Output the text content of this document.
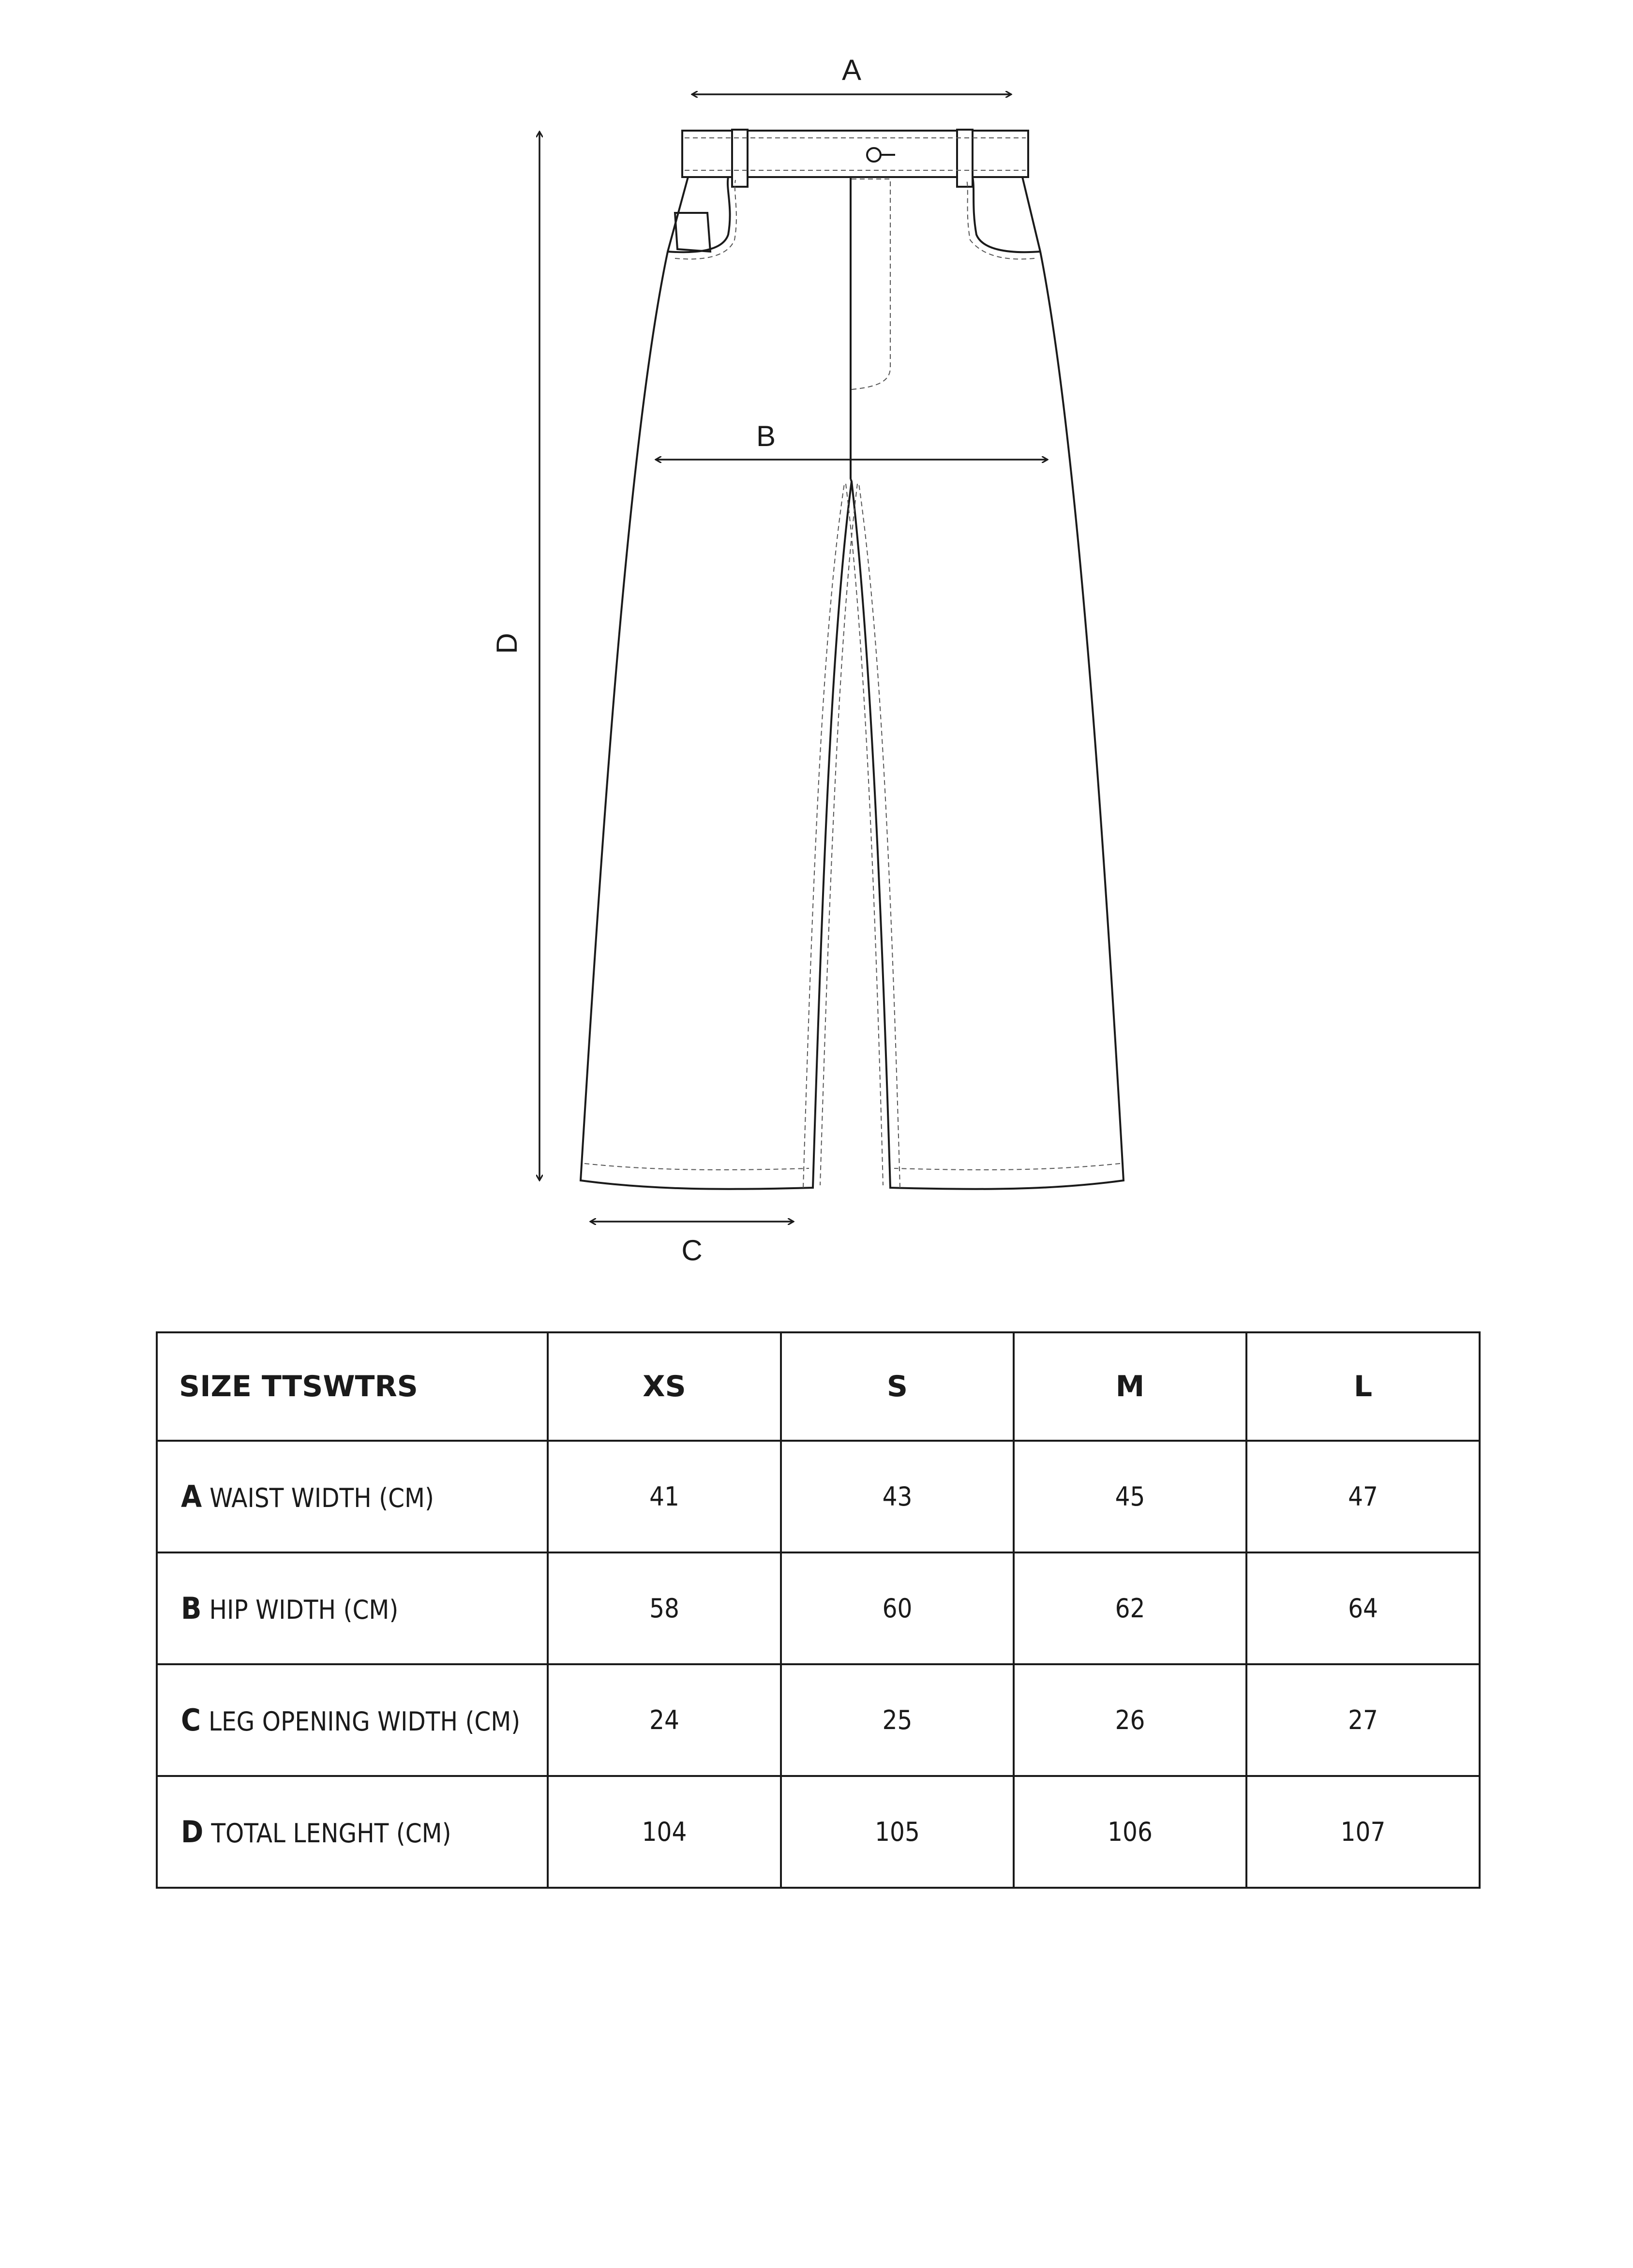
A
B
C
D
SIZE TTSWTRS	XS	S	M	L
A WAIST WIDTH (CM)	41	43	45	47
B HIP WIDTH (CM)	58	60	62	64
C LEG OPENING WIDTH (CM)	24	25	26	27
D TOTAL LENGHT (CM)	104	105	106	107
